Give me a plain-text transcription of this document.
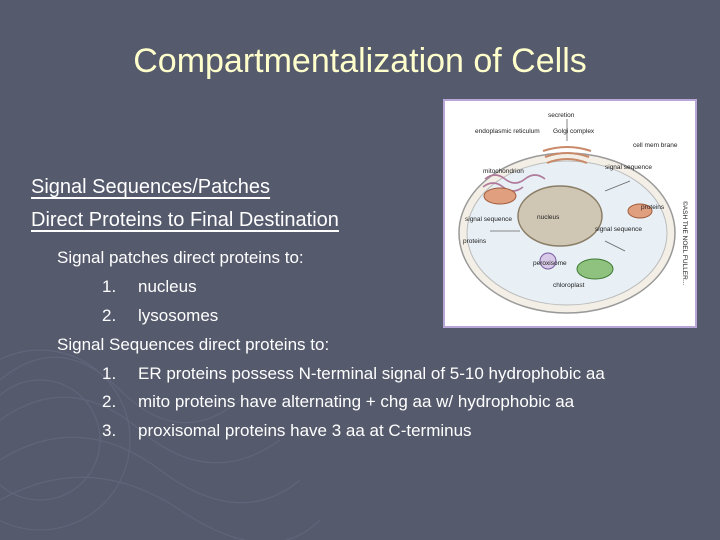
Compartmentalization of Cells
Signal Sequences/Patches
Direct Proteins to Final Destination
Signal patches direct proteins to:
1. nucleus
2. lysosomes
Signal Sequences direct proteins to:
1. ER proteins possess N-terminal signal of 5-10 hydrophobic aa
2. mito proteins have alternating + chg aa w/ hydrophobic aa
3. proxisomal proteins have 3 aa at C-terminus
secretion
endoplasmic reticulum Golgi complex
cell mem brane
mitochondrion
signal sequence
proteins
signal sequence	nucleus
signal sequence
proteins
peroxisome
chloroplast
©ASH THE NOEL FULLER...
